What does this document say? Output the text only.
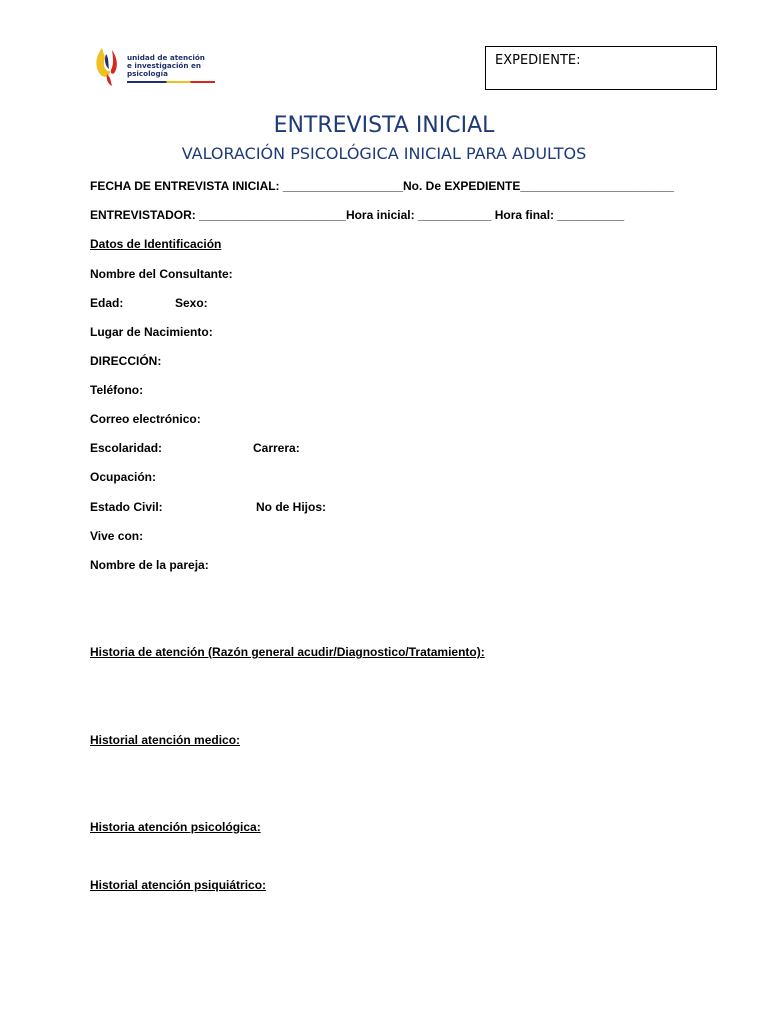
unidad de atención
e investigación en
psicología
EXPEDIENTE:
ENTREVISTA INICIAL
VALORACIÓN PSICOLÓGICA INICIAL PARA ADULTOS
FECHA DE ENTREVISTA INICIAL: __________________No. De EXPEDIENTE_______________________
ENTREVISTADOR: ______________________Hora inicial: ___________ Hora final: __________
Datos de Identificación
Nombre del Consultante:
Edad:	Sexo:
Lugar de Nacimiento:
DIRECCIÓN:
Teléfono:
Correo electrónico:
Escolaridad:	Carrera:
Ocupación:
Estado Civil:	No de Hijos:
Vive con:
Nombre de la pareja:
Historia de atención (Razón general acudir/Diagnostico/Tratamiento):
Historial atención medico:
Historia atención psicológica:
Historial atención psiquiátrico:
